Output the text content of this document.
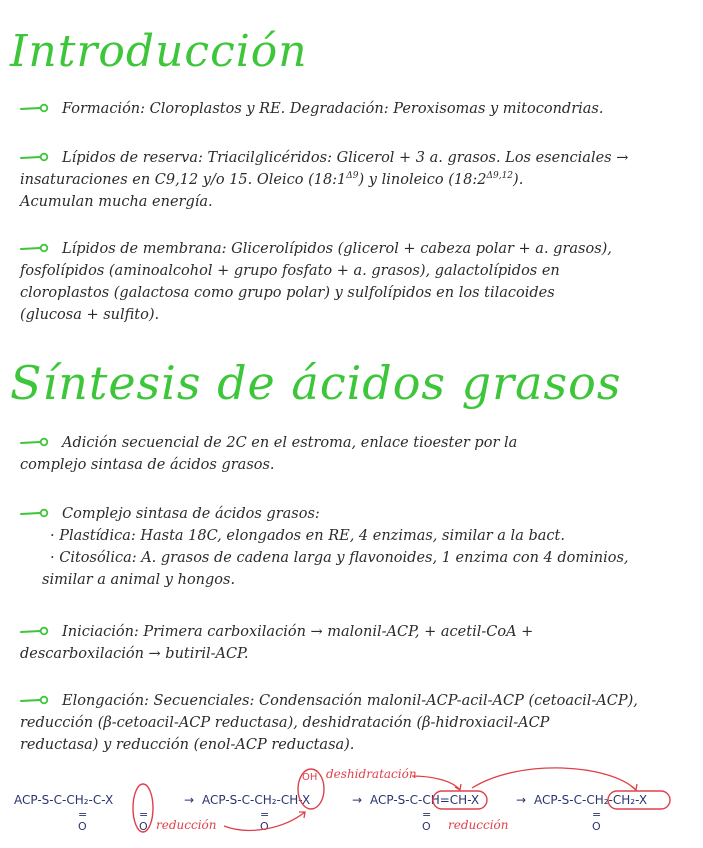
Introducción
Formación: Cloroplastos y RE. Degradación: Peroxisomas y mitocondrias.
Lípidos de reserva: Triacilglicéridos: Glicerol + 3 a. grasos. Los esenciales →
insaturaciones en C9,12 y/o 15. Oleico $(18:1^{\Delta 9})$ y linoleico $(18:2^{\Delta 9,12})$.
Acumulan mucha energía.
Lípidos de membrana: Glicerolípidos (glicerol + cabeza polar + a. grasos),
fosfolípidos (aminoalcohol + grupo fosfato + a. grasos), galactolípidos en
cloroplastos (galactosa como grupo polar) y sulfolípidos en los tilacoides
(glucosa + sulfito).
Síntesis de ácidos grasos
Adición secuencial de 2C en el estroma, enlace tioester por la
complejo sintasa de ácidos grasos.
Complejo sintasa de ácidos grasos:
· Plastídica: Hasta 18C, elongados en RE, 4 enzimas, similar a la bact.
· Citosólica: A. grasos de cadena larga y flavonoides, 1 enzima con 4 dominios,
similar a animal y hongos.
Iniciación: Primera carboxilación → malonil-ACP, + acetil-CoA +
descarboxilación → butiril-ACP.
Elongación: Secuenciales: Condensación malonil-ACP-acil-ACP (cetoacil-ACP),
reducción (β-cetoacil-ACP reductasa), deshidratación (β-hidroxiacil-ACP
reductasa) y reducción (enol-ACP reductasa).
ACP-S-C-CH₂-C-X
=
O
=
O
→ ACP-S-C-CH₂-CH-X
=
O
OH
→ ACP-S-C-CH=CH-X
=
O
→ ACP-S-C-CH₂-CH₂-X
=
O
reducción
deshidratación
reducción
